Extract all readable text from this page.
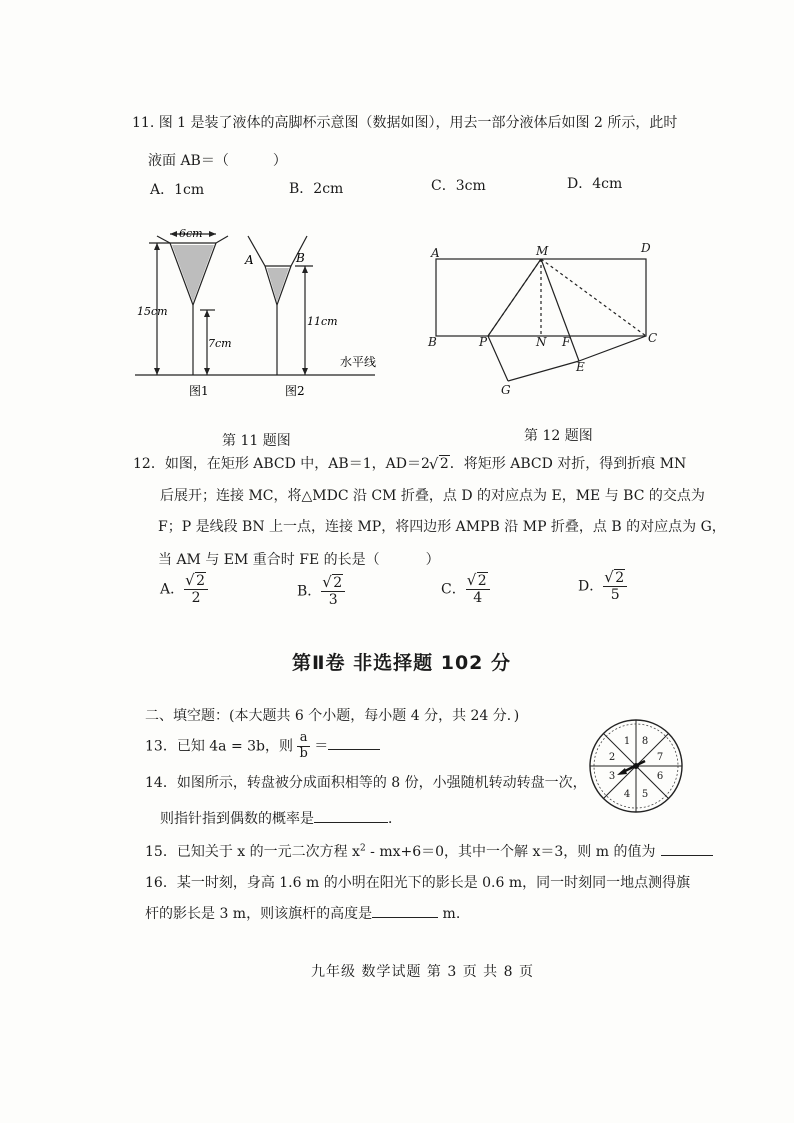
11. 图 1 是装了液体的高脚杯示意图（数据如图），用去一部分液体后如图 2 所示，此时
液面 AB＝（	）
A．1cm	B．2cm	C．3cm	D．4cm
6cm
15cm
7cm
11cm
A	B
水平线
图1	图2
第 11 题图
A	M	D
B	P	N F	C
E
G
第 12 题图
12．如图，在矩形 ABCD 中，AB＝1，AD＝2 √ 2．将矩形 ABCD 对折，得到折痕 MN
后展开；连接 MC，将△MDC 沿 CM 折叠，点 D 的对应点为 E，ME 与 BC 的交点为
F；P 是线段 BN 上一点，连接 MP，将四边形 AMPB 沿 MP 折叠，点 B 的对应点为 G，
当 AM 与 EM 重合时 FE 的长是（	）
A． √ $\frac{2}{2}$	B． √ $\frac{2}{3}$	C． √ $\frac{2}{4}$	D． √ $\frac{2}{5}$
第Ⅱ卷 非选择题 102 分
二、填空题：(本大题共 6 个小题，每小题 4 分，共 24 分．)
13．已知 4a = 3b，则 $\frac{a}{b}$ ＝
14．如图所示，转盘被分成面积相等的 8 份，小强随机转动转盘一次，
则指针指到偶数的概率是	．
1 8
7
6
5
4
3
2
15．已知关于 x 的一元二次方程 $x^2 - mx+6=0$，其中一个解 x＝3，则 m 的值为
16．某一时刻，身高 1.6 m 的小明在阳光下的影长是 0.6 m，同一时刻同一地点测得旗
杆的影长是 3 m，则该旗杆的高度是	m.
九年级 数学试题 第 3 页 共 8 页
